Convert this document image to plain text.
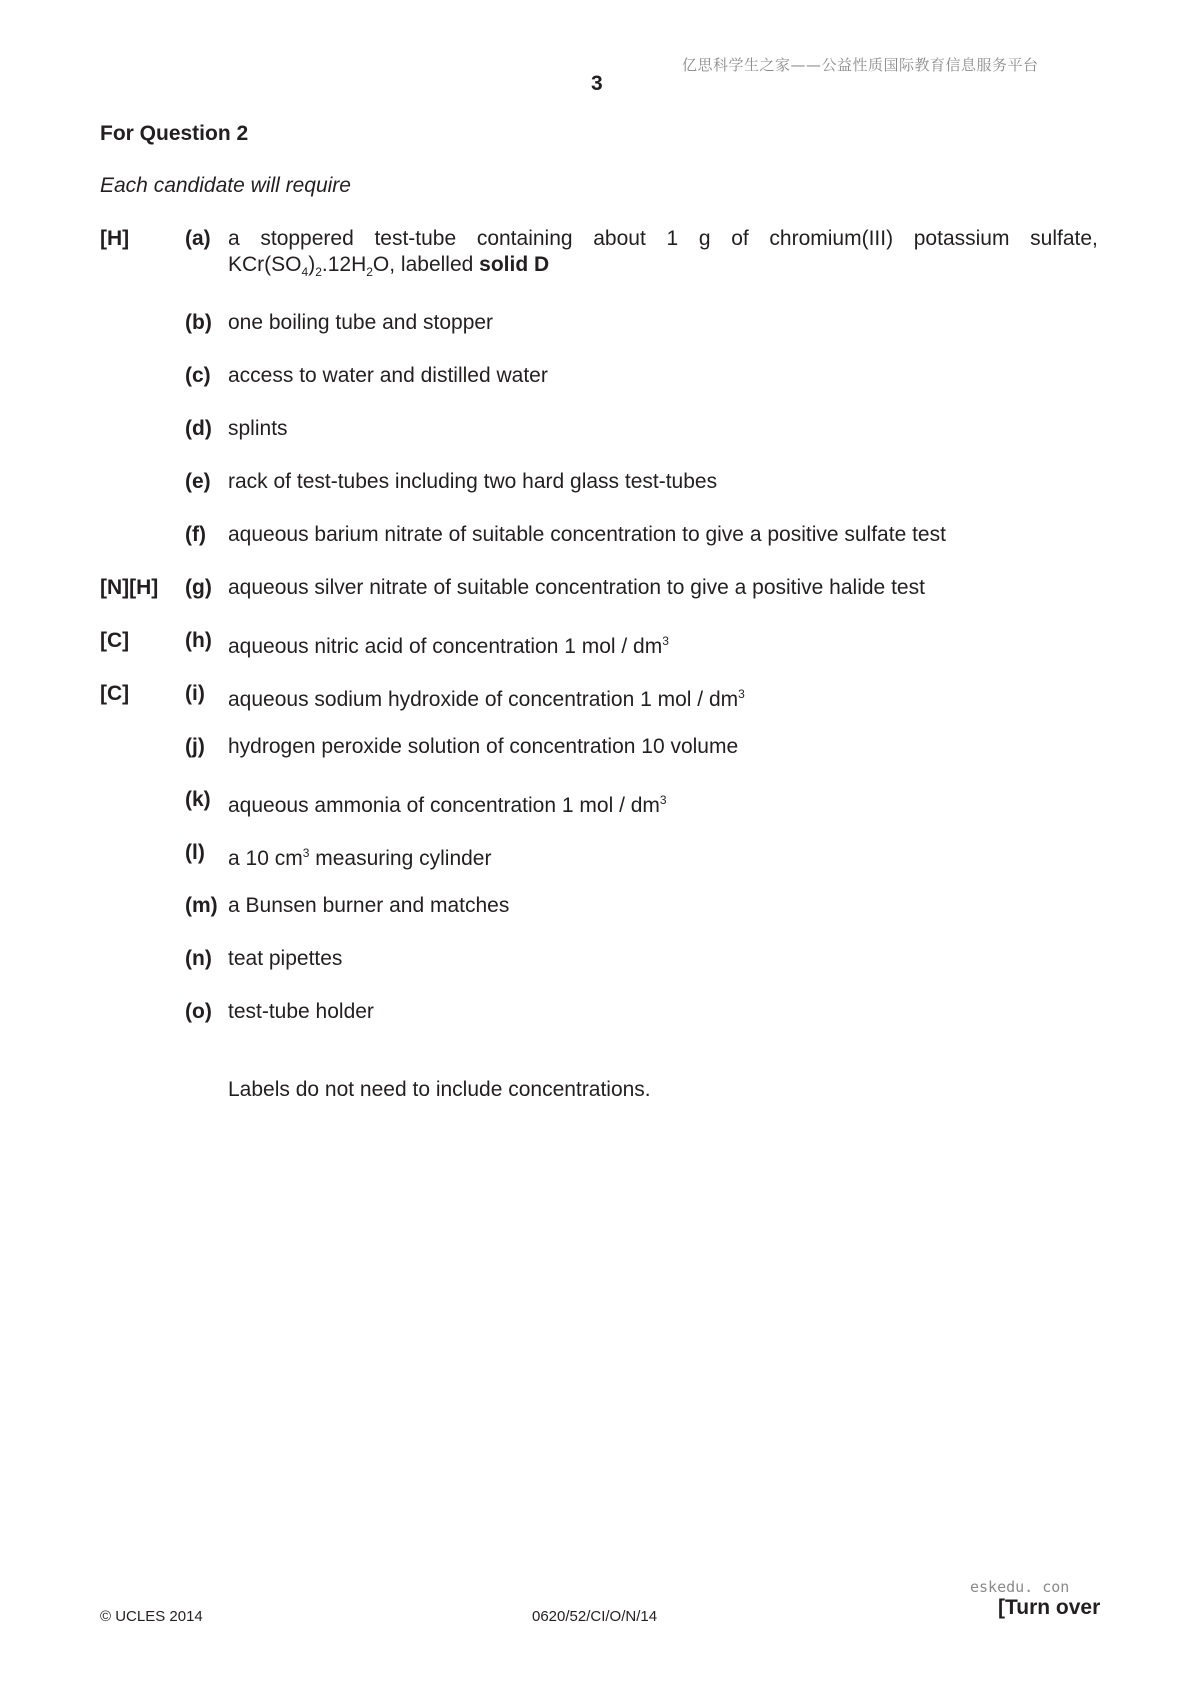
亿思科学生之家——公益性质国际教育信息服务平台
3
For Question 2
Each candidate will require
[H]	(a) a stoppered test-tube containing about 1 g of chromium(III) potassium sulfate,
$KCr(SO_4)_2.12H_2O$, labelled solid D
(b) one boiling tube and stopper
(c) access to water and distilled water
(d) splints
(e) rack of test-tubes including two hard glass test-tubes
(f) aqueous barium nitrate of suitable concentration to give a positive sulfate test
[N][H] (g) aqueous silver nitrate of suitable concentration to give a positive halide test
[C]	(h) aqueous nitric acid of concentration 1 mol / $dm^3$
[C]	(i) aqueous sodium hydroxide of concentration 1 mol / $dm^3$
(j) hydrogen peroxide solution of concentration 10 volume
(k) aqueous ammonia of concentration 1 mol / $dm^3$
(l) a 10 $cm^3$ measuring cylinder
(m) a Bunsen burner and matches
(n) teat pipettes
(o) test-tube holder
Labels do not need to include concentrations.
© UCLES 2014	0620/52/CI/O/N/14
eskedu. con
[Turn over
